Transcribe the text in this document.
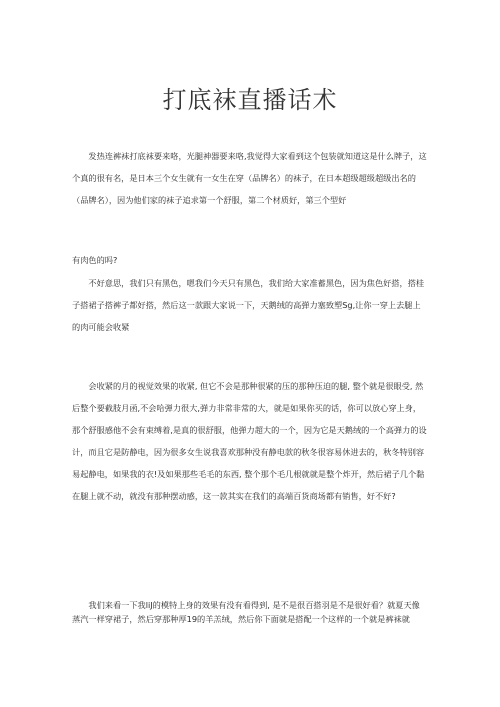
打底袜直播话术

发热连裤袜打底袜要来咯，光腿神器要来咯,我觉得大家看到这个包装就知道这是什么牌子，这个真的很有名，是日本三个女生就有一女生在穿（品牌名）的袜子，在日本超级超级超级出名的（品牌名），因为他们家的袜子追求第一个舒服，第二个材质好，第三个型好

有肉色的吗?

不好意思，我们只有黑色，嗯我们今天只有黑色，我们给大家准蓄黑色，因为焦色好搭，搭桂子搭裙子搭裤子都好搭，然后这一款跟大家说一下，天鹅绒的高弹力塞致塑Sg,让你一穿上去腿上的肉可能会收紧

会收紧的月的视觉效果的收紧, 但它不会是那种很紧的压的那种压迫的腿, 整个就是很眼受, 然后整个要截肢月函,不会哈弹力很大,弹力非常非常的大，就是如果你买的话，你可以放心穿上身，那个舒服感他不会有束缚着,是真的很舒服，他弹力超大的一个，因为它是天鹅绒的一个高弹力的设计，而且它是防静电，因为很多女生说我喜欢那种没有静电款的秋冬很容易休进去的，秋冬特别容易起静电，如果我的衣!及如果那些毛毛的东西, 整个那个毛几根就就是整个炸开，然后裙子几个黏在腿上就不动，就没有那种摆动感，这一款其实在我们的高端百货商场都有销售，好不好?

我们来看一下我liJ的模特上身的效果有没有看得到, 是不是很百搭羽是不是很好看？就夏天像蒸汽一样穿裙子，然后穿那种厚19的羊羔绒，然后你下面就是搭配一个这样的一个就是裤袜就
